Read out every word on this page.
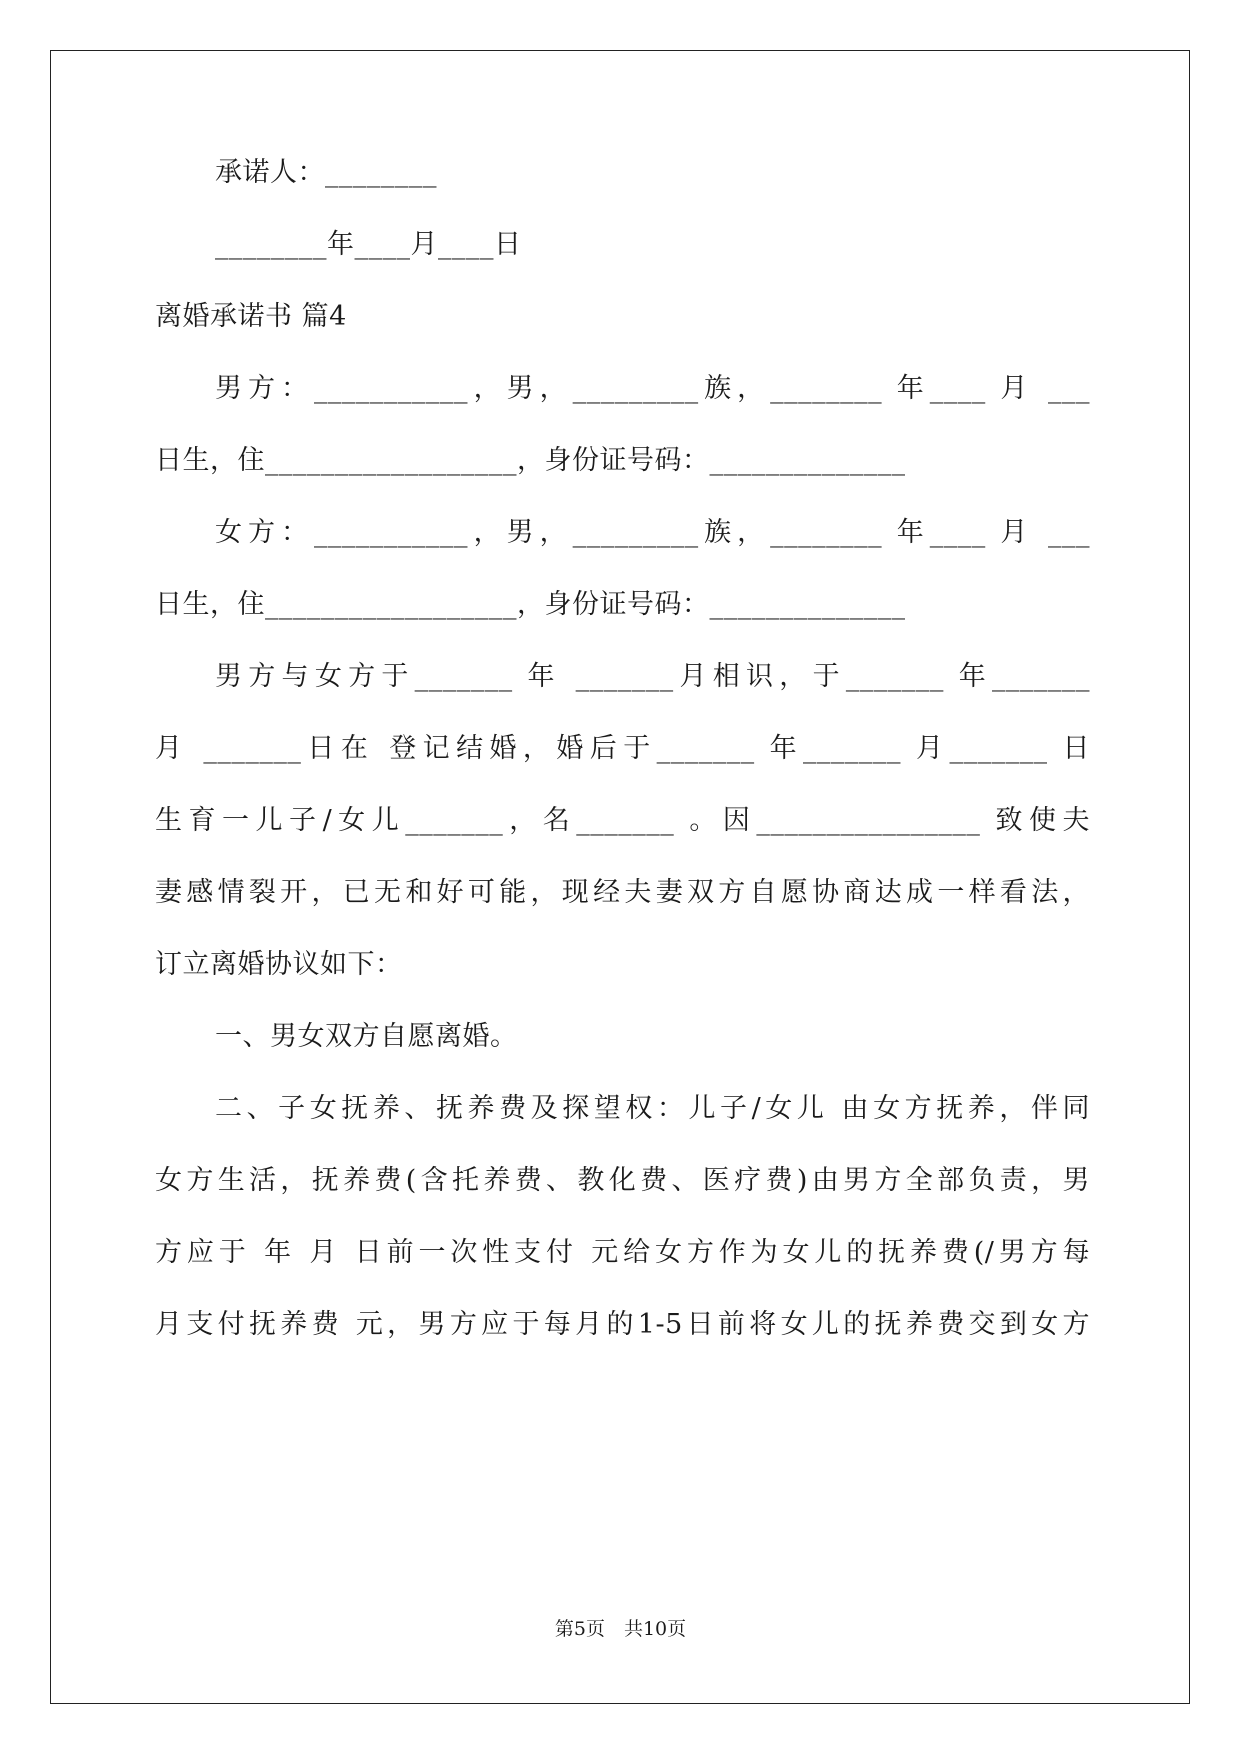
承诺人：________
________年____月____日
离婚承诺书 篇4
男方：___________，男，_________族，________ 年____ 月 ___
日生，住__________________，身份证号码：______________
女方：___________，男，_________族，________ 年____ 月 ___
日生，住__________________，身份证号码：______________
男方与女方于_______ 年 _______月相识，于_______ 年_______
月 _______日在 登记结婚，婚后于_______ 年_______ 月_______ 日
生育一儿子/女儿_______，名_______ 。因________________ 致使夫
妻感情裂开，已无和好可能，现经夫妻双方自愿协商达成一样看法，
订立离婚协议如下：
一、男女双方自愿离婚。
二、子女抚养、抚养费及探望权：儿子/女儿 由女方抚养，伴同
女方生活，抚养费(含托养费、教化费、医疗费)由男方全部负责，男
方应于 年 月 日前一次性支付 元给女方作为女儿的抚养费(/男方每
月支付抚养费 元，男方应于每月的1-5日前将女儿的抚养费交到女方
第5页　共10页
